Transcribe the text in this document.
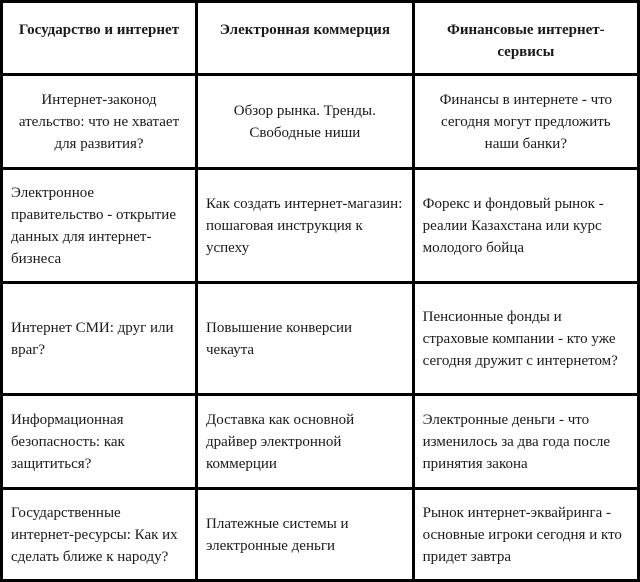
Государство и интернет	Электронная коммерция	Финансовые интернет-сервисы

Интернет-законод ательство: что не хватает для развития?	Обзор рынка. Тренды. Свободные ниши	Финансы в интернете - что сегодня могут предложить наши банки?

Электронное правительство - открытие данных для интернет-бизнеса	Как создать интернет-магазин: пошаговая инструкция к успеху	Форекс и фондовый рынок - реалии Казахстана или курс молодого бойца

Интернет СМИ: друг или враг?	Повышение конверсии чекаута	Пенсионные фонды и страховые компании - кто уже сегодня дружит с интернетом?

Информационная безопасность: как защититься?	Доставка как основной драйвер электронной коммерции	Электронные деньги - что изменилось за два года после принятия закона

Государственные интернет-ресурсы: Как их сделать ближе к народу?	Платежные системы и электронные деньги	Рынок интернет-эквайринга - основные игроки сегодня и кто придет завтра
